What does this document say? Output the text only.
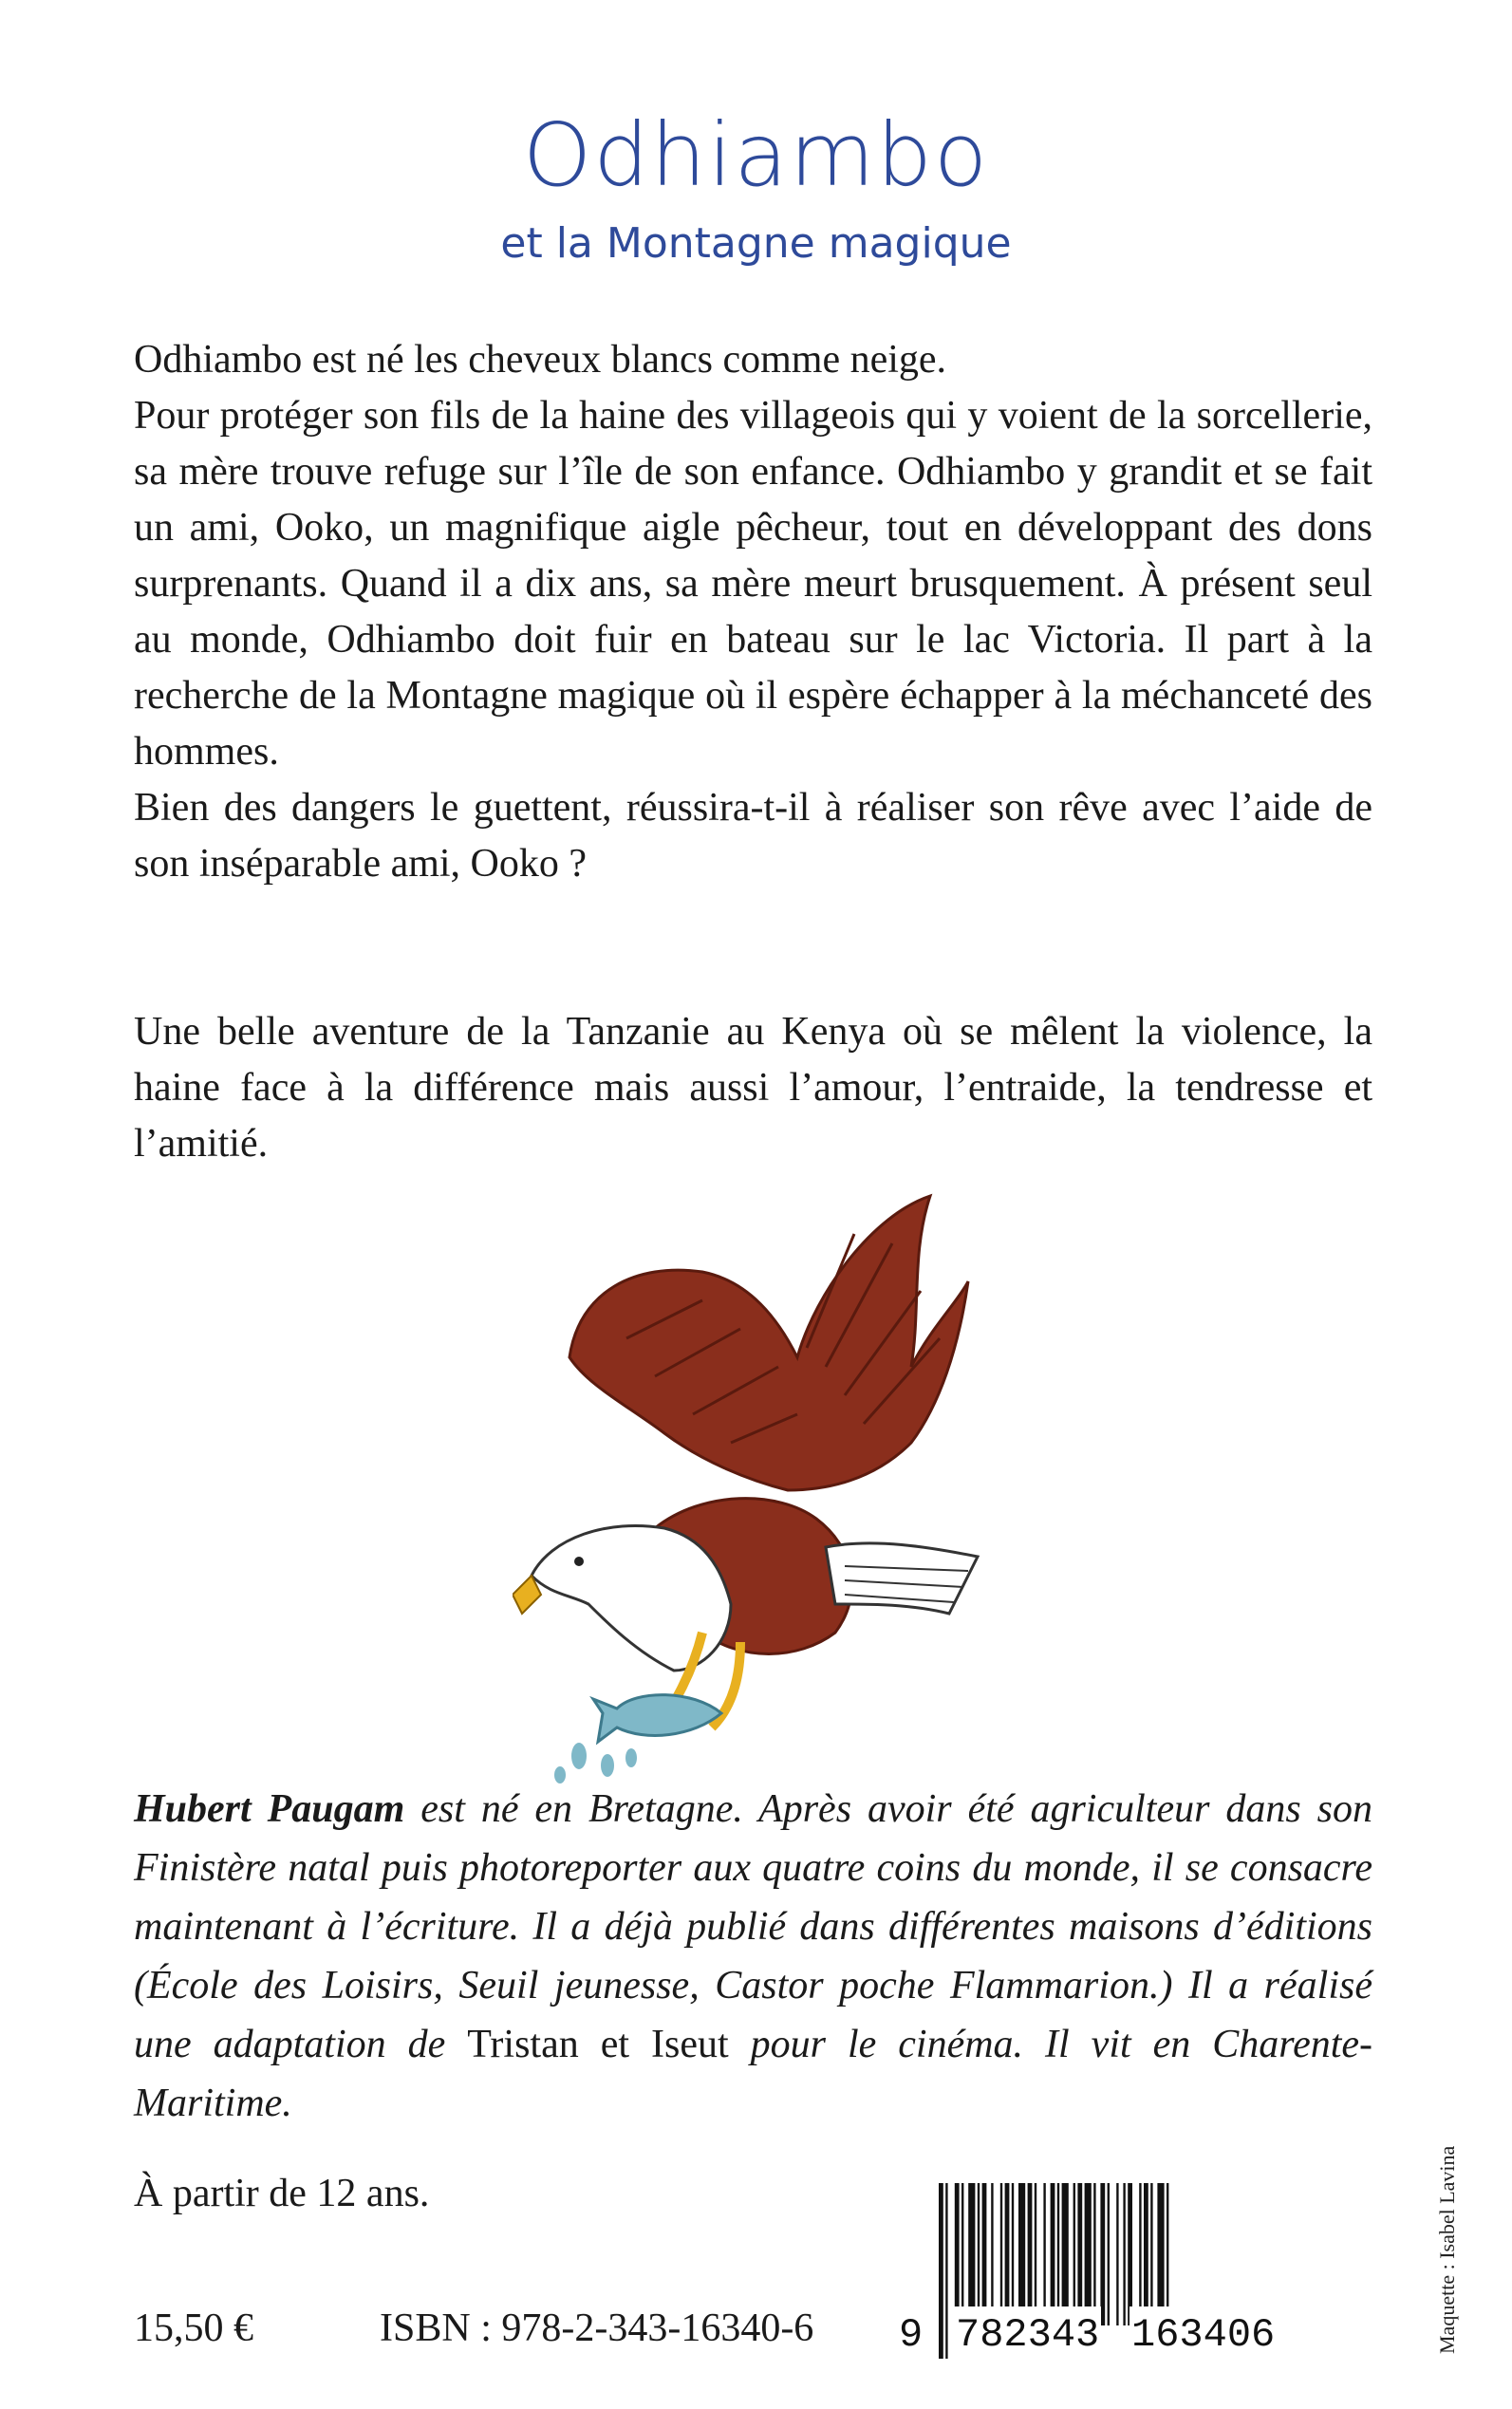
Odhiambo
et la Montagne magique

Odhiambo est né les cheveux blancs comme neige.

Pour protéger son fils de la haine des villageois qui y voient de la sorcellerie, sa mère trouve refuge sur l’île de son enfance. Odhiambo y grandit et se fait un ami, Ooko, un magnifique aigle pêcheur, tout en développant des dons surprenants. Quand il a dix ans, sa mère meurt brusquement. À présent seul au monde, Odhiambo doit fuir en bateau sur le lac Victoria. Il part à la recherche de la Montagne magique où il espère échapper à la méchanceté des hommes.

Bien des dangers le guettent, réussira-t-il à réaliser son rêve avec l’aide de son inséparable ami, Ooko ?

Une belle aventure de la Tanzanie au Kenya où se mêlent la violence, la haine face à la différence mais aussi l’amour, l’entraide, la tendresse et l’amitié.

Hubert Paugam est né en Bretagne. Après avoir été agriculteur dans son Finistère natal puis photoreporter aux quatre coins du monde, il se consacre maintenant à l’écriture. Il a déjà publié dans différentes maisons d’éditions (École des Loisirs, Seuil jeunesse, Castor poche Flammarion.) Il a réalisé une adaptation de Tristan et Iseut pour le cinéma. Il vit en Charente-Maritime.

À partir de 12 ans.
15,50 €	ISBN : 978-2-343-16340-6 9 782343 163406	Maquette : Isabel Lavina
